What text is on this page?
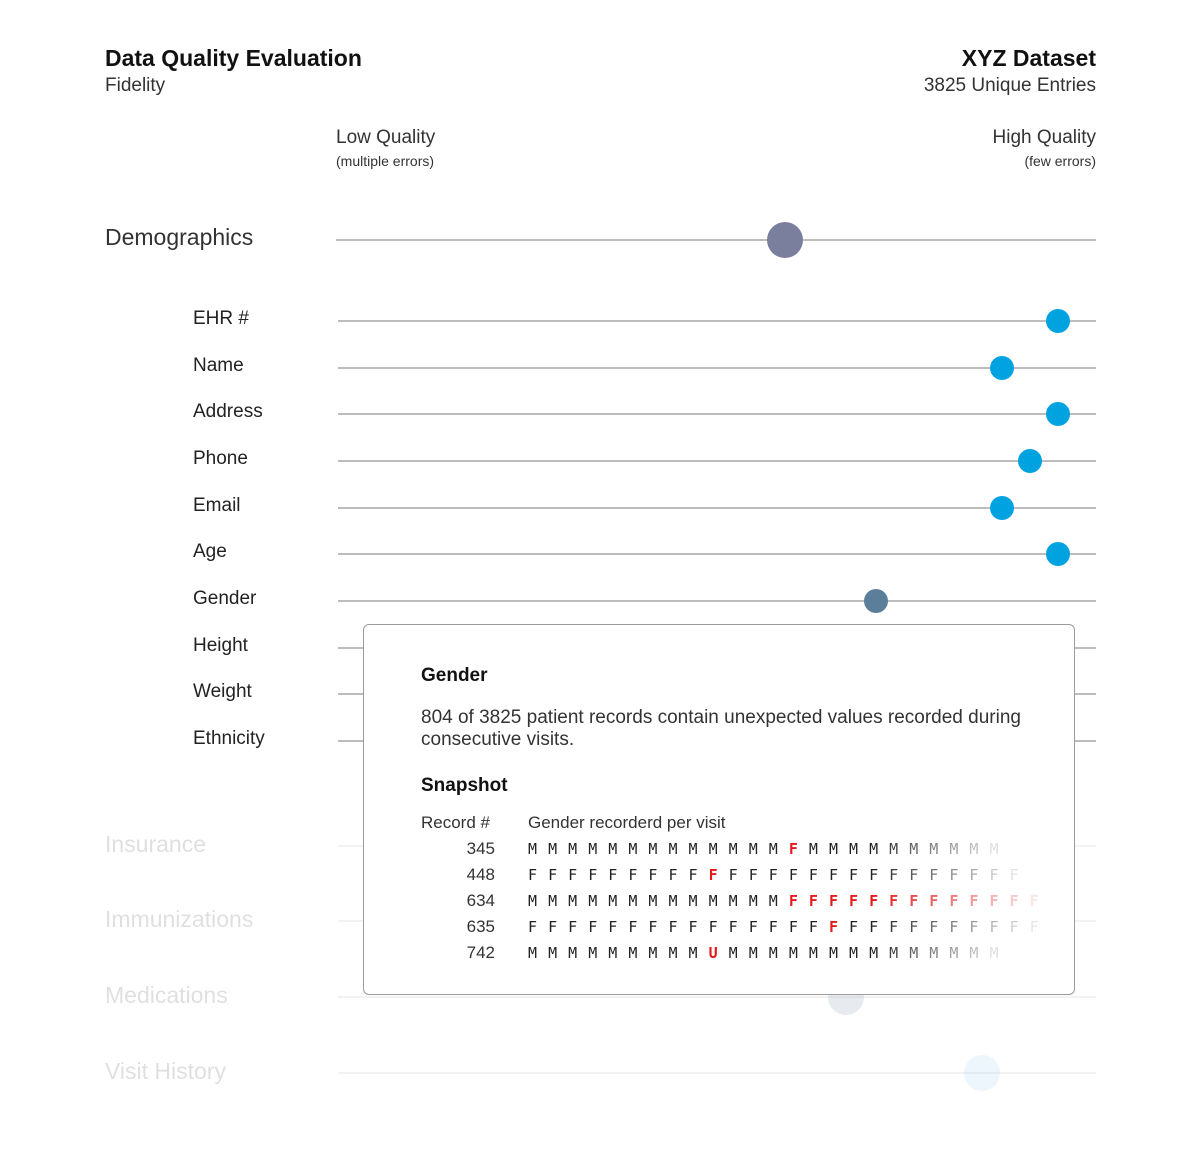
Data Quality Evaluation
Fidelity
XYZ Dataset
3825 Unique Entries
Low Quality
(multiple errors)
High Quality
(few errors)
Demographics
EHR #
Name
Address
Phone
Email
Age
Gender
Height
Weight
Ethnicity
Insurance
Immunizations
Medications
Visit History
Gender
804 of 3825 patient records contain unexpected values recorded during consecutive visits.
Snapshot
Record # Gender recorderd per visit
345 M M M M M M M M M M M M M F M M M M M M M M M M
448 F F F F F F F F F F F F F F F F F F F F F F F F F
634 M M M M M M M M M M M M M F F F F F F F F F F F F F
635 F F F F F F F F F F F F F F F F F F F F F F F F F F
742 M M M M M M M M M U M M M M M M M M M M M M M M
